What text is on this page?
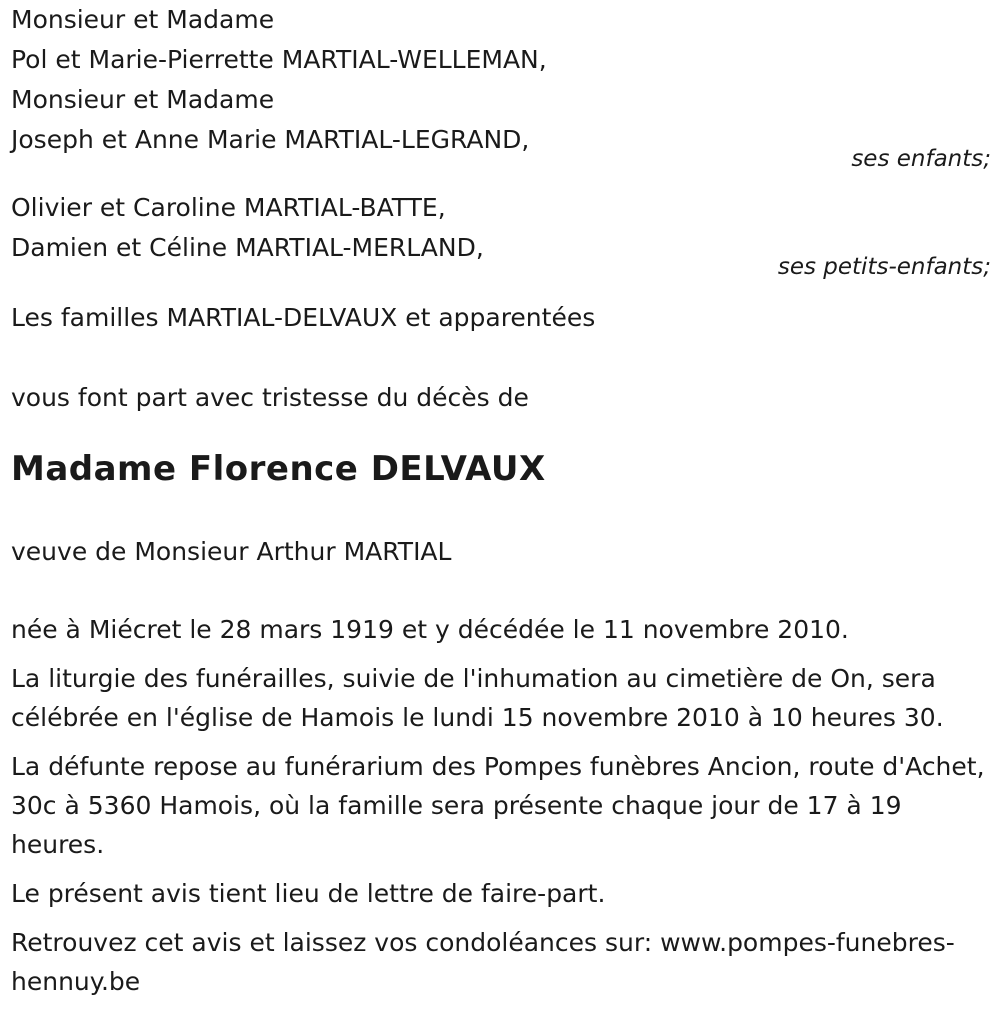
Monsieur et Madame
Pol et Marie-Pierrette MARTIAL-WELLEMAN,
Monsieur et Madame
Joseph et Anne Marie MARTIAL-LEGRAND,
ses enfants;
Olivier et Caroline MARTIAL-BATTE,
Damien et Céline MARTIAL-MERLAND,
ses petits-enfants;
Les familles MARTIAL-DELVAUX et apparentées
vous font part avec tristesse du décès de
Madame Florence DELVAUX
veuve de Monsieur Arthur MARTIAL
née à Miécret le 28 mars 1919 et y décédée le 11 novembre 2010.
La liturgie des funérailles, suivie de l'inhumation au cimetière de On, sera célébrée en l'église de Hamois le lundi 15 novembre 2010 à 10 heures 30.
La défunte repose au funérarium des Pompes funèbres Ancion, route d'Achet, 30c à 5360 Hamois, où la famille sera présente chaque jour de 17 à 19 heures.
Le présent avis tient lieu de lettre de faire-part.
Retrouvez cet avis et laissez vos condoléances sur: www.pompes-funebres-hennuy.be
